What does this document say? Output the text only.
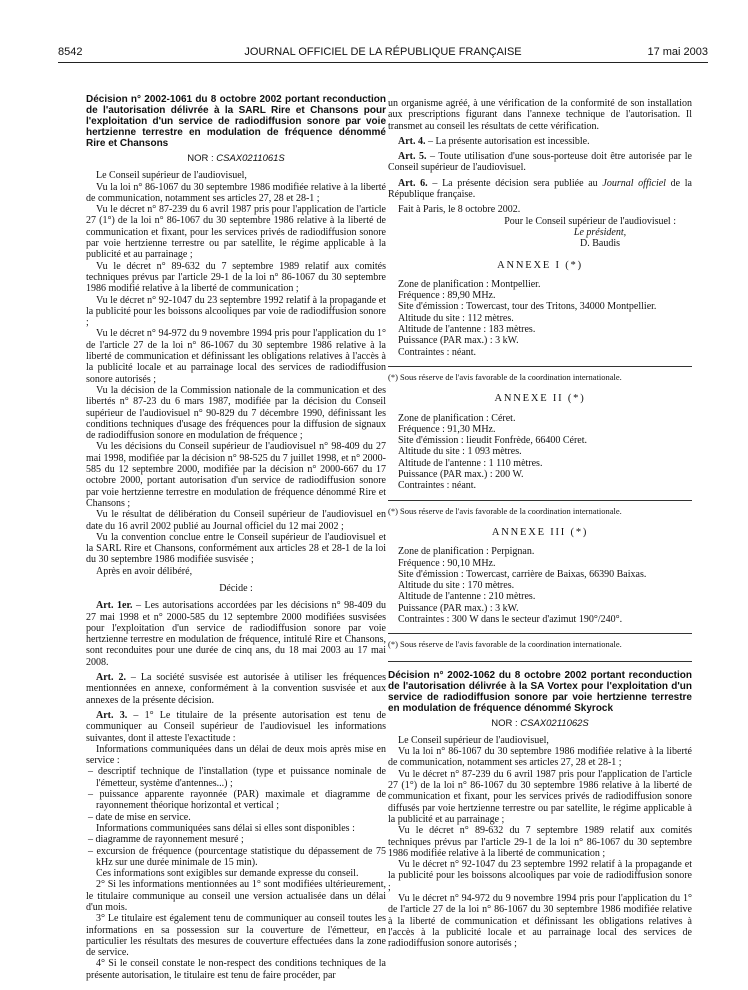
8542	JOURNAL OFFICIEL DE LA RÉPUBLIQUE FRANÇAISE	17 mai 2003

Décision n° 2002-1061 du 8 octobre 2002 portant reconduction de l'autorisation délivrée à la SARL Rire et Chansons pour l'exploitation d'un service de radiodiffusion sonore par voie hertzienne terrestre en modulation de fréquence dénommé Rire et Chansons

NOR : CSAX0211061S

Le Conseil supérieur de l'audiovisuel,

Vu la loi n° 86-1067 du 30 septembre 1986 modifiée relative à la liberté de communication, notamment ses articles 27, 28 et 28-1 ;

Vu le décret n° 87-239 du 6 avril 1987 pris pour l'application de l'article 27 (1°) de la loi n° 86-1067 du 30 septembre 1986 relative à la liberté de communication et fixant, pour les services privés de radiodiffusion sonore par voie hertzienne terrestre ou par satellite, le régime applicable à la publicité et au parrainage ;

Vu le décret n° 89-632 du 7 septembre 1989 relatif aux comités techniques prévus par l'article 29-1 de la loi n° 86-1067 du 30 septembre 1986 modifié relative à la liberté de communication ;

Vu le décret n° 92-1047 du 23 septembre 1992 relatif à la propagande et la publicité pour les boissons alcooliques par voie de radiodiffusion sonore ;

Vu le décret n° 94-972 du 9 novembre 1994 pris pour l'application du 1° de l'article 27 de la loi n° 86-1067 du 30 septembre 1986 relative à la liberté de communication et définissant les obligations relatives à l'accès à la publicité locale et au parrainage local des services de radiodiffusion sonore autorisés ;

Vu la décision de la Commission nationale de la communication et des libertés n° 87-23 du 6 mars 1987, modifiée par la décision du Conseil supérieur de l'audiovisuel n° 90-829 du 7 décembre 1990, définissant les conditions techniques d'usage des fréquences pour la diffusion de signaux de radiodiffusion sonore en modulation de fréquence ;

Vu les décisions du Conseil supérieur de l'audiovisuel n° 98-409 du 27 mai 1998, modifiée par la décision n° 98-525 du 7 juillet 1998, et n° 2000-585 du 12 septembre 2000, modifiée par la décision n° 2000-667 du 17 octobre 2000, portant autorisation d'un service de radiodiffusion sonore par voie hertzienne terrestre en modulation de fréquence dénommé Rire et Chansons ;

Vu le résultat de délibération du Conseil supérieur de l'audiovisuel en date du 16 avril 2002 publié au Journal officiel du 12 mai 2002 ;

Vu la convention conclue entre le Conseil supérieur de l'audiovisuel et la SARL Rire et Chansons, conformément aux articles 28 et 28-1 de la loi du 30 septembre 1986 modifiée susvisée ;

Après en avoir délibéré,

Décide :

Art. 1er. – Les autorisations accordées par les décisions n° 98-409 du 27 mai 1998 et n° 2000-585 du 12 septembre 2000 modifiées susvisées pour l'exploitation d'un service de radiodiffusion sonore par voie hertzienne terrestre en modulation de fréquence, intitulé Rire et Chansons, sont reconduites pour une durée de cinq ans, du 18 mai 2003 au 17 mai 2008.

Art. 2. – La société susvisée est autorisée à utiliser les fréquences mentionnées en annexe, conformément à la convention susvisée et aux annexes de la présente décision.

Art. 3. – 1° Le titulaire de la présente autorisation est tenu de communiquer au Conseil supérieur de l'audiovisuel les informations suivantes, dont il atteste l'exactitude :

Informations communiquées dans un délai de deux mois après mise en service :

– descriptif technique de l'installation (type et puissance nominale de l'émetteur, système d'antennes...) ;

– puissance apparente rayonnée (PAR) maximale et diagramme de rayonnement théorique horizontal et vertical ;

– date de mise en service.

Informations communiquées sans délai si elles sont disponibles :

– diagramme de rayonnement mesuré ;

– excursion de fréquence (pourcentage statistique du dépassement de 75 kHz sur une durée minimale de 15 min).

Ces informations sont exigibles sur demande expresse du conseil.

2° Si les informations mentionnées au 1° sont modifiées ultérieurement, le titulaire communique au conseil une version actualisée dans un délai d'un mois.

3° Le titulaire est également tenu de communiquer au conseil toutes les informations en sa possession sur la couverture de l'émetteur, en particulier les résultats des mesures de couverture effectuées dans la zone de service.

4° Si le conseil constate le non-respect des conditions techniques de la présente autorisation, le titulaire est tenu de faire procéder, par

un organisme agréé, à une vérification de la conformité de son installation aux prescriptions figurant dans l'annexe technique de l'autorisation. Il transmet au conseil les résultats de cette vérification.

Art. 4. – La présente autorisation est incessible.

Art. 5. – Toute utilisation d'une sous-porteuse doit être autorisée par le Conseil supérieur de l'audiovisuel.

Art. 6. – La présente décision sera publiée au Journal officiel de la République française.

Fait à Paris, le 8 octobre 2002.

Pour le Conseil supérieur de l'audiovisuel :

Le président,

D. Baudis

ANNEXE I (*)

Zone de planification : Montpellier.

Fréquence : 89,90 MHz.

Site d'émission : Towercast, tour des Tritons, 34000 Montpellier.

Altitude du site : 112 mètres.

Altitude de l'antenne : 183 mètres.

Puissance (PAR max.) : 3 kW.

Contraintes : néant.

(*) Sous réserve de l'avis favorable de la coordination internationale.

ANNEXE II (*)

Zone de planification : Céret.

Fréquence : 91,30 MHz.

Site d'émission : lieudit Fonfrède, 66400 Céret.

Altitude du site : 1 093 mètres.

Altitude de l'antenne : 1 110 mètres.

Puissance (PAR max.) : 200 W.

Contraintes : néant.

(*) Sous réserve de l'avis favorable de la coordination internationale.

ANNEXE III (*)

Zone de planification : Perpignan.

Fréquence : 90,10 MHz.

Site d'émission : Towercast, carrière de Baixas, 66390 Baixas.

Altitude du site : 170 mètres.

Altitude de l'antenne : 210 mètres.

Puissance (PAR max.) : 3 kW.

Contraintes : 300 W dans le secteur d'azimut 190°/240°.

(*) Sous réserve de l'avis favorable de la coordination internationale.

Décision n° 2002-1062 du 8 octobre 2002 portant reconduction de l'autorisation délivrée à la SA Vortex pour l'exploitation d'un service de radiodiffusion sonore par voie hertzienne terrestre en modulation de fréquence dénommé Skyrock

NOR : CSAX0211062S

Le Conseil supérieur de l'audiovisuel,

Vu la loi n° 86-1067 du 30 septembre 1986 modifiée relative à la liberté de communication, notamment ses articles 27, 28 et 28-1 ;

Vu le décret n° 87-239 du 6 avril 1987 pris pour l'application de l'article 27 (1°) de la loi n° 86-1067 du 30 septembre 1986 relative à la liberté de communication et fixant, pour les services privés de radiodiffusion sonore diffusés par voie hertzienne terrestre ou par satellite, le régime applicable à la publicité et au parrainage ;

Vu le décret n° 89-632 du 7 septembre 1989 relatif aux comités techniques prévus par l'article 29-1 de la loi n° 86-1067 du 30 septembre 1986 modifiée relative à la liberté de communication ;

Vu le décret n° 92-1047 du 23 septembre 1992 relatif à la propagande et la publicité pour les boissons alcooliques par voie de radiodiffusion sonore ;

Vu le décret n° 94-972 du 9 novembre 1994 pris pour l'application du 1° de l'article 27 de la loi n° 86-1067 du 30 septembre 1986 modifiée relative à la liberté de communication et définissant les obligations relatives à l'accès à la publicité locale et au parrainage local des services de radiodiffusion sonore autorisés ;
